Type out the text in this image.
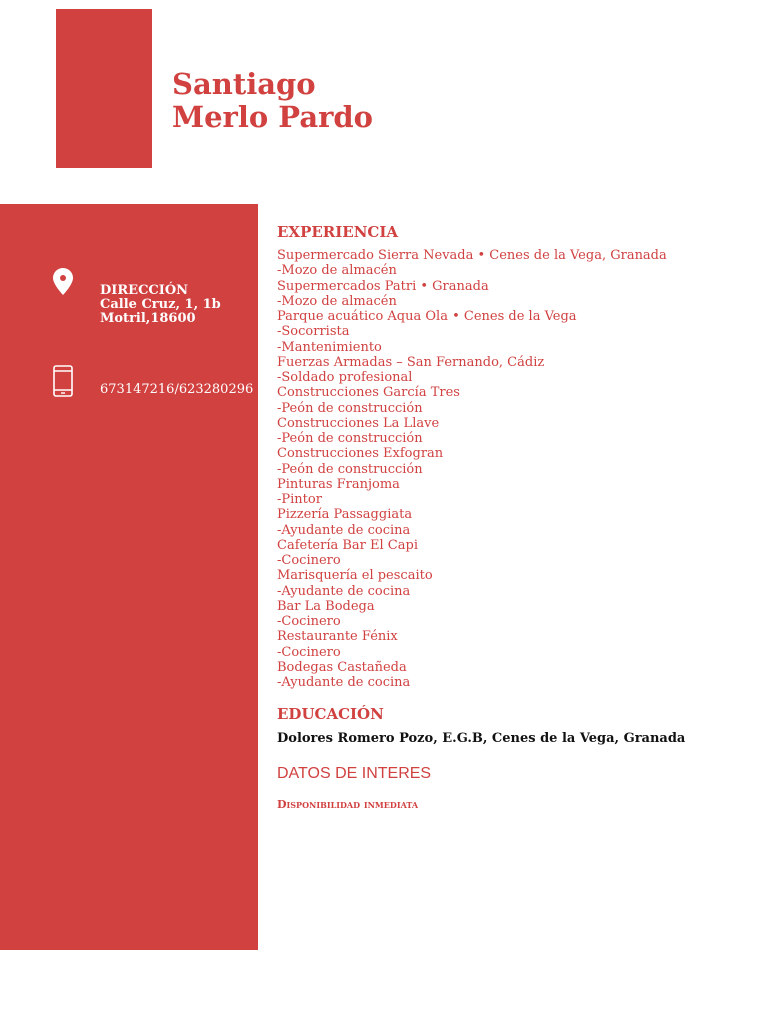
Santiago
Merlo Pardo
DIRECCIÓN
Calle Cruz, 1, 1b
Motril,18600
673147216/623280296
EXPERIENCIA
Supermercado Sierra Nevada • Cenes de la Vega, Granada
-Mozo de almacén
Supermercados Patri • Granada
-Mozo de almacén
Parque acuático Aqua Ola • Cenes de la Vega
-Socorrista
-Mantenimiento
Fuerzas Armadas – San Fernando, Cádiz
-Soldado profesional
Construcciones García Tres
-Peón de construcción
Construcciones La Llave
-Peón de construcción
Construcciones Exfogran
-Peón de construcción
Pinturas Franjoma
-Pintor
Pizzería Passaggiata
-Ayudante de cocina
Cafetería Bar El Capi
-Cocinero
Marisquería el pescaito
-Ayudante de cocina
Bar La Bodega
-Cocinero
Restaurante Fénix
-Cocinero
Bodegas Castañeda
-Ayudante de cocina
EDUCACIÓN
Dolores Romero Pozo, E.G.B, Cenes de la Vega, Granada
DATOS DE INTERES
Disponibilidad inmediata
